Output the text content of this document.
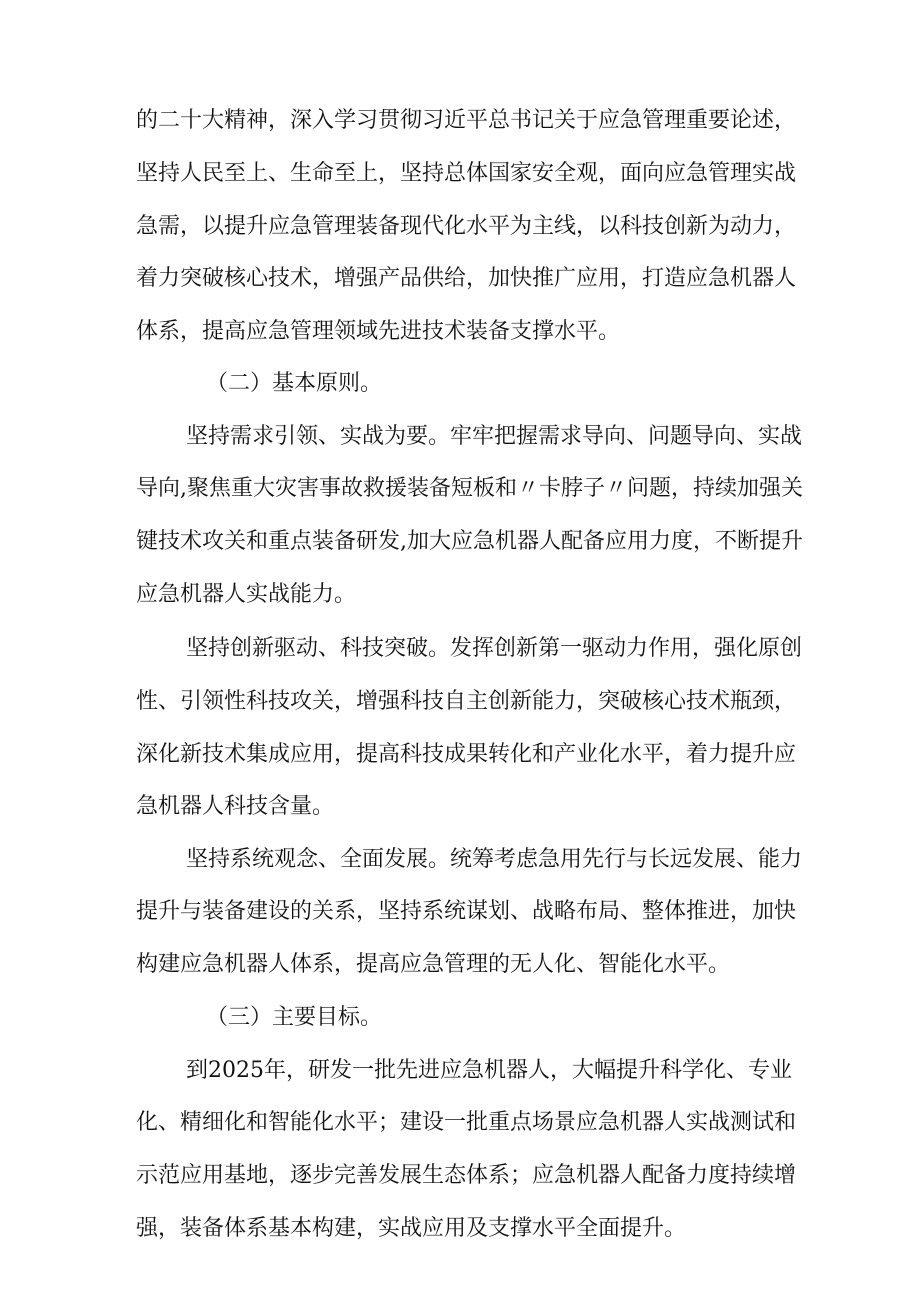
的二十大精神，深入学习贯彻习近平总书记关于应急管理重要论述，
坚持人民至上、生命至上，坚持总体国家安全观，面向应急管理实战
急需，以提升应急管理装备现代化水平为主线，以科技创新为动力，
着力突破核心技术，增强产品供给，加快推广应用，打造应急机器人
体系，提高应急管理领域先进技术装备支撑水平。
（二）基本原则。
坚持需求引领、实战为要。牢牢把握需求导向、问题导向、实战
导向,聚焦重大灾害事故救援装备短板和〃卡脖子〃问题，持续加强关
键技术攻关和重点装备研发,加大应急机器人配备应用力度，不断提升
应急机器人实战能力。
坚持创新驱动、科技突破。发挥创新第一驱动力作用，强化原创
性、引领性科技攻关，增强科技自主创新能力，突破核心技术瓶颈，
深化新技术集成应用，提高科技成果转化和产业化水平，着力提升应
急机器人科技含量。
坚持系统观念、全面发展。统筹考虑急用先行与长远发展、能力
提升与装备建设的关系，坚持系统谋划、战略布局、整体推进，加快
构建应急机器人体系，提高应急管理的无人化、智能化水平。
（三）主要目标。
到2025年，研发一批先进应急机器人，大幅提升科学化、专业
化、精细化和智能化水平；建设一批重点场景应急机器人实战测试和
示范应用基地，逐步完善发展生态体系；应急机器人配备力度持续增
强，装备体系基本构建，实战应用及支撑水平全面提升。
